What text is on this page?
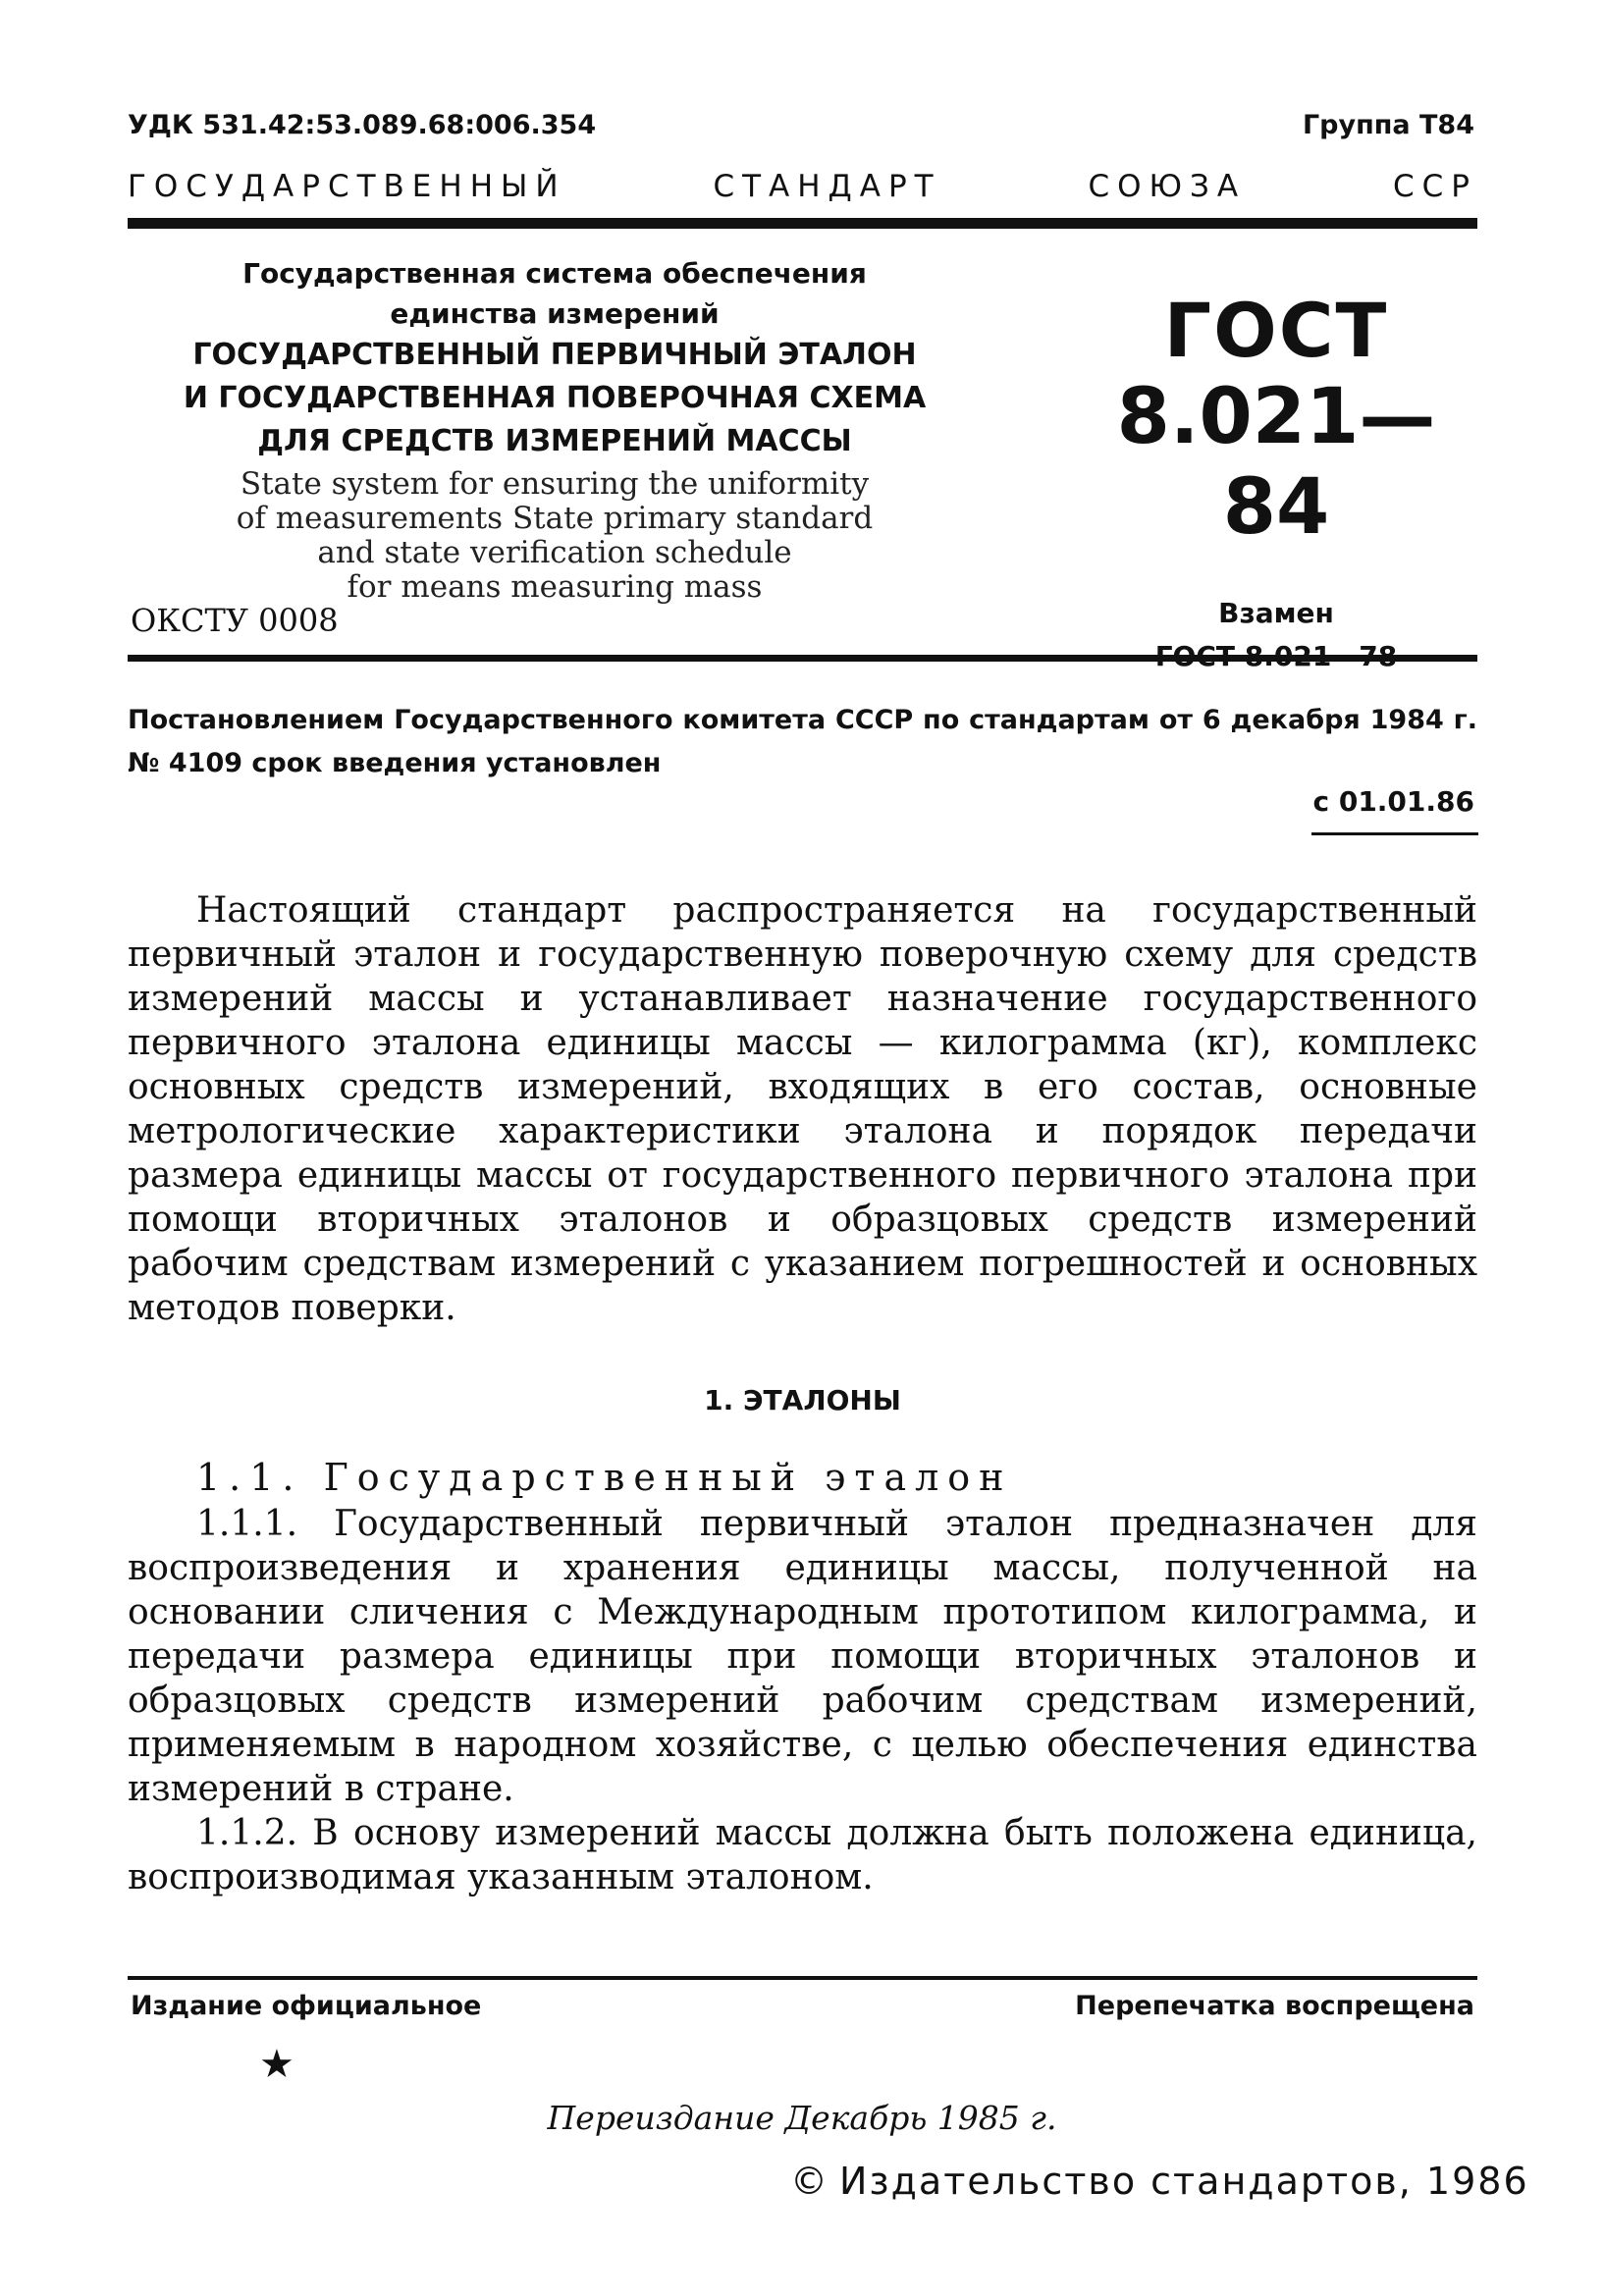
УДК 531.42:53.089.68:006.354	Группа Т84
ГОСУДАРСТВЕННЫЙ	СТАНДАРТ	СОЮЗА	ССР
Государственная система обеспечения
единства измерений
ГОСУДАРСТВЕННЫЙ ПЕРВИЧНЫЙ ЭТАЛОН
И ГОСУДАРСТВЕННАЯ ПОВЕРОЧНАЯ СХЕМА
ДЛЯ СРЕДСТВ ИЗМЕРЕНИЙ МАССЫ
State system for ensuring the uniformity
of measurements State primary standard
and state verification schedule
for means measuring mass
ОКСТУ 0008
ГОСТ
8.021—84
Взамен
Постановлением Государственного комитета СССР по стандартам от 6 декабря 1984 г. № 4109 срок введения установлен
с 01.01.86
Настоящий стандарт распространяется на государственный первичный эталон и государственную поверочную схему для средств измерений массы и устанавливает назначение государственного первичного эталона единицы массы — килограмма (кг), комплекс основных средств измерений, входящих в его состав, основные метрологические характеристики эталона и порядок передачи размера единицы массы от государственного первичного эталона при помощи вторичных эталонов и образцовых средств измерений рабочим средствам измерений с указанием погрешностей и основных методов поверки.
1. ЭТАЛОНЫ
1.1. Государственный эталон
1.1.1. Государственный первичный эталон предназначен для воспроизведения и хранения единицы массы, полученной на основании сличения с Международным прототипом килограмма, и передачи размера единицы при помощи вторичных эталонов и образцовых средств измерений рабочим средствам измерений, применяемым в народном хозяйстве, с целью обеспечения единства измерений в стране.
1.1.2. В основу измерений массы должна быть положена единица, воспроизводимая указанным эталоном.
Издание официальное	Перепечатка воспрещена
★
Переиздание Декабрь 1985 г.
© Издательство стандартов, 1986
